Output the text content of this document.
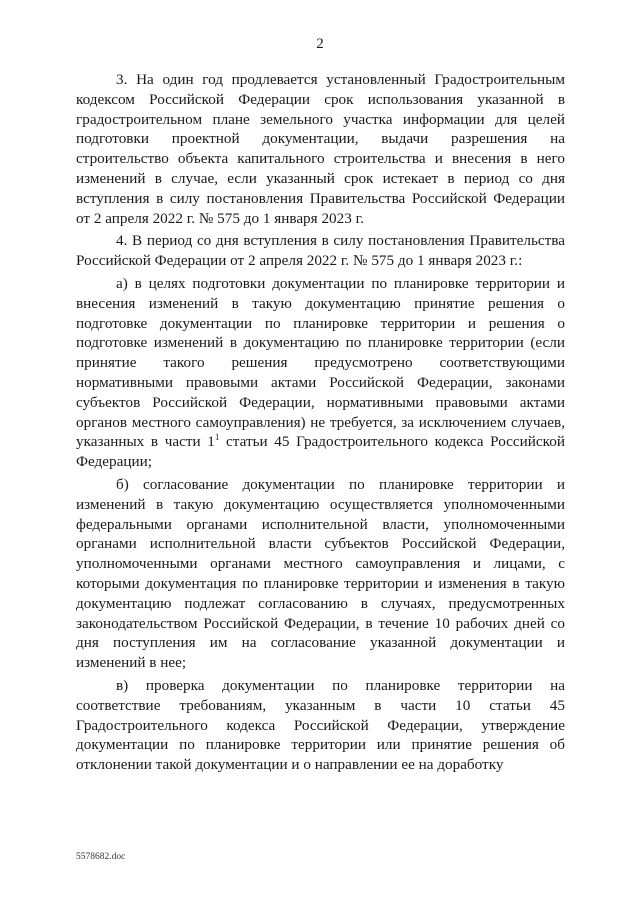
2

3. На один год продлевается установленный Градостроительным кодексом Российской Федерации срок использования указанной в градостроительном плане земельного участка информации для целей подготовки проектной документации, выдачи разрешения на строительство объекта капитального строительства и внесения в него изменений в случае, если указанный срок истекает в период со дня вступления в силу постановления Правительства Российской Федерации от 2 апреля 2022 г. № 575 до 1 января 2023 г.

4. В период со дня вступления в силу постановления Правительства Российской Федерации от 2 апреля 2022 г. № 575 до 1 января 2023 г.:

а) в целях подготовки документации по планировке территории и внесения изменений в такую документацию принятие решения о подготовке документации по планировке территории и решения о подготовке изменений в документацию по планировке территории (если принятие такого решения предусмотрено соответствующими нормативными правовыми актами Российской Федерации, законами субъектов Российской Федерации, нормативными правовыми актами органов местного самоуправления) не требуется, за исключением случаев, указанных в части $1^1$ статьи 45 Градостроительного кодекса Российской Федерации;

б) согласование документации по планировке территории и изменений в такую документацию осуществляется уполномоченными федеральными органами исполнительной власти, уполномоченными органами исполнительной власти субъектов Российской Федерации, уполномоченными органами местного самоуправления и лицами, с которыми документация по планировке территории и изменения в такую документацию подлежат согласованию в случаях, предусмотренных законодательством Российской Федерации, в течение 10 рабочих дней со дня поступления им на согласование указанной документации и изменений в нее;

в) проверка документации по планировке территории на соответствие требованиям, указанным в части 10 статьи 45 Градостроительного кодекса Российской Федерации, утверждение документации по планировке территории или принятие решения об отклонении такой документации и о направлении ее на доработку

5578682.doc
